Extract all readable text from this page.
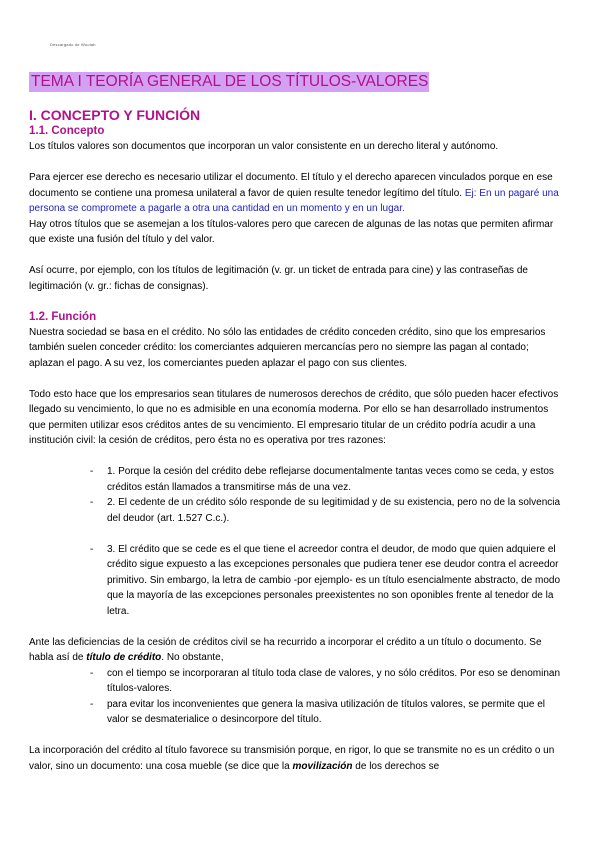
Descargado de Wuolah
TEMA I TEORÍA GENERAL DE LOS TÍTULOS-VALORES
I. CONCEPTO Y FUNCIÓN
1.1. Concepto

Los títulos valores son documentos que incorporan un valor consistente en un derecho literal y autónomo.

Para ejercer ese derecho es necesario utilizar el documento. El título y el derecho aparecen vinculados porque en ese documento se contiene una promesa unilateral a favor de quien resulte tenedor legítimo del título. Ej: En un pagaré una persona se compromete a pagarle a otra una cantidad en un momento y en un lugar.

Hay otros títulos que se asemejan a los títulos-valores pero que carecen de algunas de las notas que permiten afirmar que existe una fusión del título y del valor.

Así ocurre, por ejemplo, con los títulos de legitimación (v. gr. un ticket de entrada para cine) y las contraseñas de legitimación (v. gr.: fichas de consignas).

1.2. Función

Nuestra sociedad se basa en el crédito. No sólo las entidades de crédito conceden crédito, sino que los empresarios también suelen conceder crédito: los comerciantes adquieren mercancías pero no siempre las pagan al contado; aplazan el pago. A su vez, los comerciantes pueden aplazar el pago con sus clientes.

Todo esto hace que los empresarios sean titulares de numerosos derechos de crédito, que sólo pueden hacer efectivos llegado su vencimiento, lo que no es admisible en una economía moderna. Por ello se han desarrollado instrumentos que permiten utilizar esos créditos antes de su vencimiento. El empresario titular de un crédito podría acudir a una institución civil: la cesión de créditos, pero ésta no es operativa por tres razones:

- 1. Porque la cesión del crédito debe reflejarse documentalmente tantas veces como se ceda, y estos créditos están llamados a transmitirse más de una vez.
- 2. El cedente de un crédito sólo responde de su legitimidad y de su existencia, pero no de la solvencia del deudor (art. 1.527 C.c.).
- 3. El crédito que se cede es el que tiene el acreedor contra el deudor, de modo que quien adquiere el crédito sigue expuesto a las excepciones personales que pudiera tener ese deudor contra el acreedor primitivo. Sin embargo, la letra de cambio -por ejemplo- es un título esencialmente abstracto, de modo que la mayoría de las excepciones personales preexistentes no son oponibles frente al tenedor de la letra.

Ante las deficiencias de la cesión de créditos civil se ha recurrido a incorporar el crédito a un título o documento. Se habla así de título de crédito. No obstante,

- con el tiempo se incorporaran al título toda clase de valores, y no sólo créditos. Por eso se denominan títulos-valores.
- para evitar los inconvenientes que genera la masiva utilización de títulos valores, se permite que el valor se desmaterialice o desincorpore del título.

La incorporación del crédito al título favorece su transmisión porque, en rigor, lo que se transmite no es un crédito o un valor, sino un documento: una cosa mueble (se dice que la movilización de los derechos se
